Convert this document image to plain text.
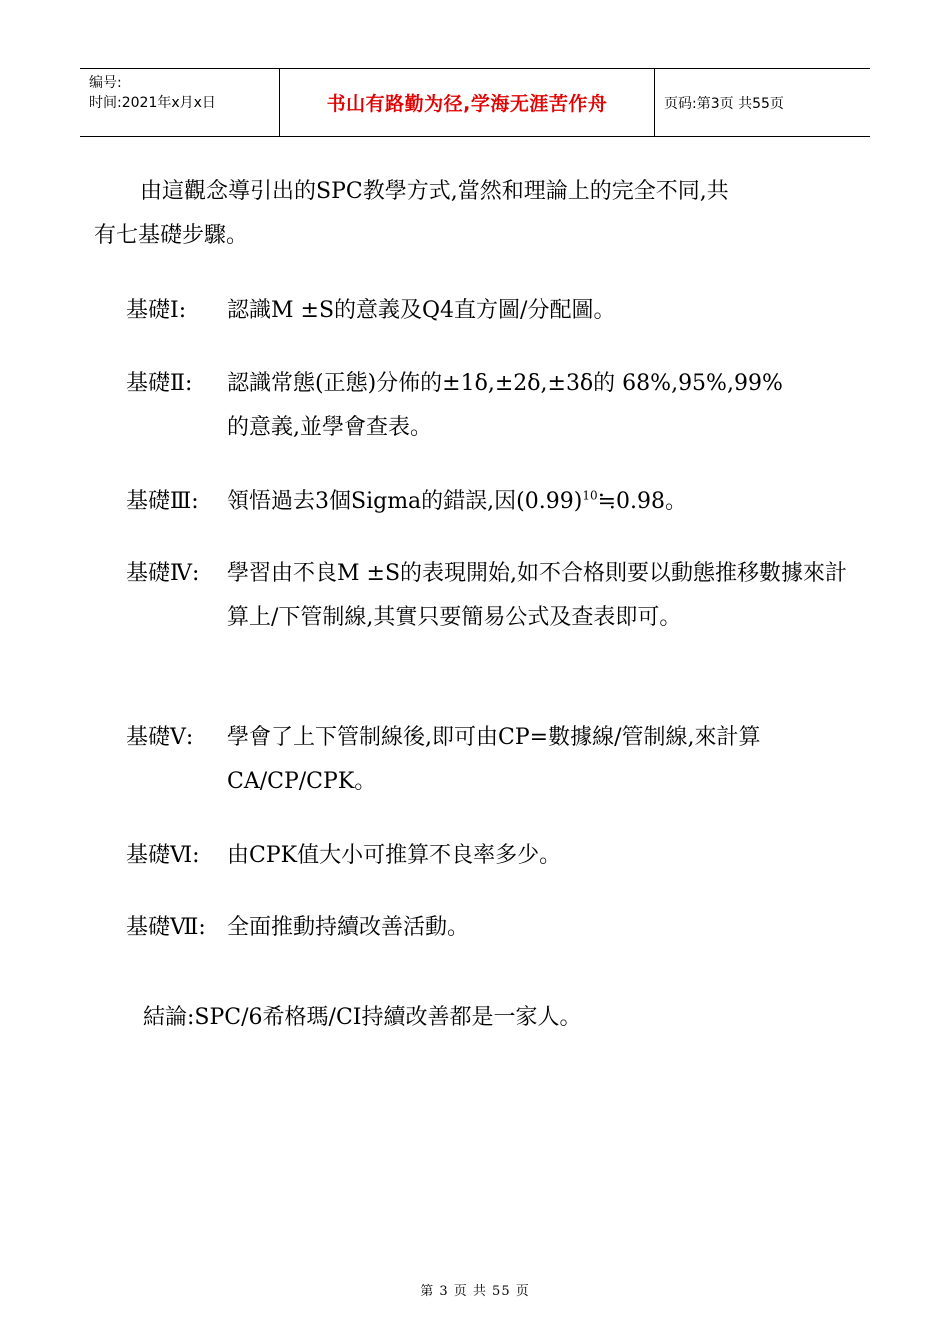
编号:
时间:2021年x月x日	书山有路勤为径,学海无涯苦作舟	页码:第3页 共55页
由這觀念導引出的SPC教學方式,當然和理論上的完全不同,共
有七基礎步驟。
基礎Ⅰ:	認識M ±S的意義及Q4直方圖/分配圖。
基礎Ⅱ:	認識常態(正態)分佈的±1δ,±2δ,±3δ的 68%,95%,99%的意義,並學會查表。
基礎Ⅲ:	領悟過去3個Sigma的錯誤,因$(0.99)^{10}≒0.98$。
基礎Ⅳ:	學習由不良M ±S的表現開始,如不合格則要以動態推移數據來計算上/下管制線,其實只要簡易公式及查表即可。
基礎Ⅴ:	學會了上下管制線後,即可由CP=數據線/管制線,來計算CA/CP/CPK。
基礎Ⅵ:	由CPK值大小可推算不良率多少。
基礎Ⅶ: 全面推動持續改善活動。
結論:SPC/6希格瑪/CI持續改善都是一家人。
第 3 页 共 55 页
